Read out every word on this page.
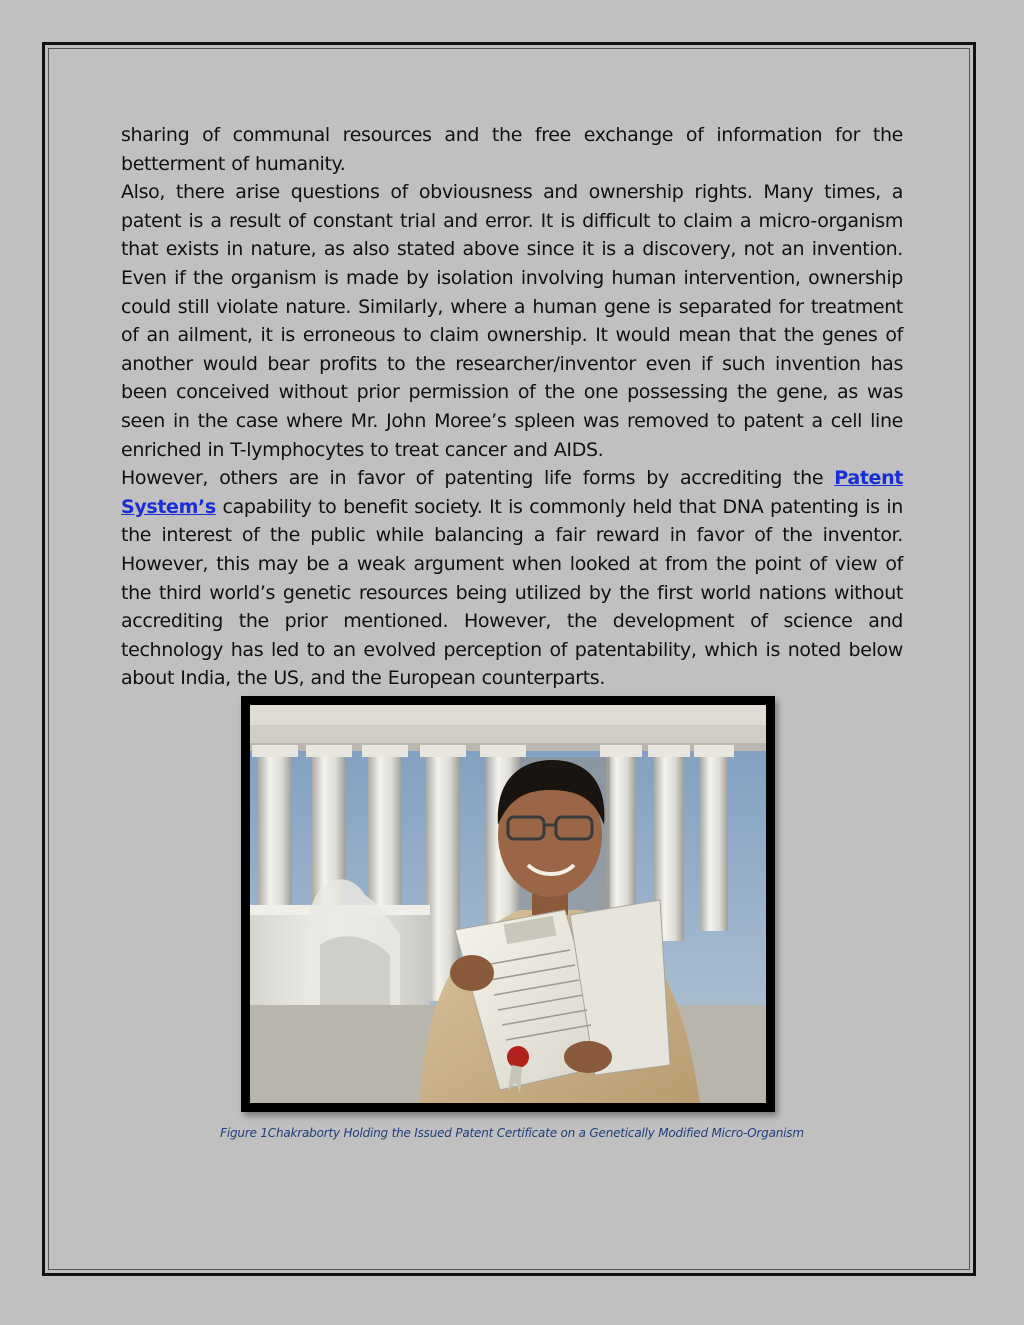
sharing of communal resources and the free exchange of information for the betterment of humanity.

Also, there arise questions of obviousness and ownership rights. Many times, a patent is a result of constant trial and error. It is difficult to claim a micro-organism that exists in nature, as also stated above since it is a discovery, not an invention. Even if the organism is made by isolation involving human intervention, ownership could still violate nature. Similarly, where a human gene is separated for treatment of an ailment, it is erroneous to claim ownership. It would mean that the genes of another would bear profits to the researcher/inventor even if such invention has been conceived without prior permission of the one possessing the gene, as was seen in the case where Mr. John Moree’s spleen was removed to patent a cell line enriched in T-lymphocytes to treat cancer and AIDS.

However, others are in favor of patenting life forms by accrediting the Patent System’s capability to benefit society. It is commonly held that DNA patenting is in the interest of the public while balancing a fair reward in favor of the inventor. However, this may be a weak argument when looked at from the point of view of the third world’s genetic resources being utilized by the first world nations without accrediting the prior mentioned. However, the development of science and technology has led to an evolved perception of patentability, which is noted below about India, the US, and the European counterparts.

Figure 1Chakraborty Holding the Issued Patent Certificate on a Genetically Modified Micro-Organism
